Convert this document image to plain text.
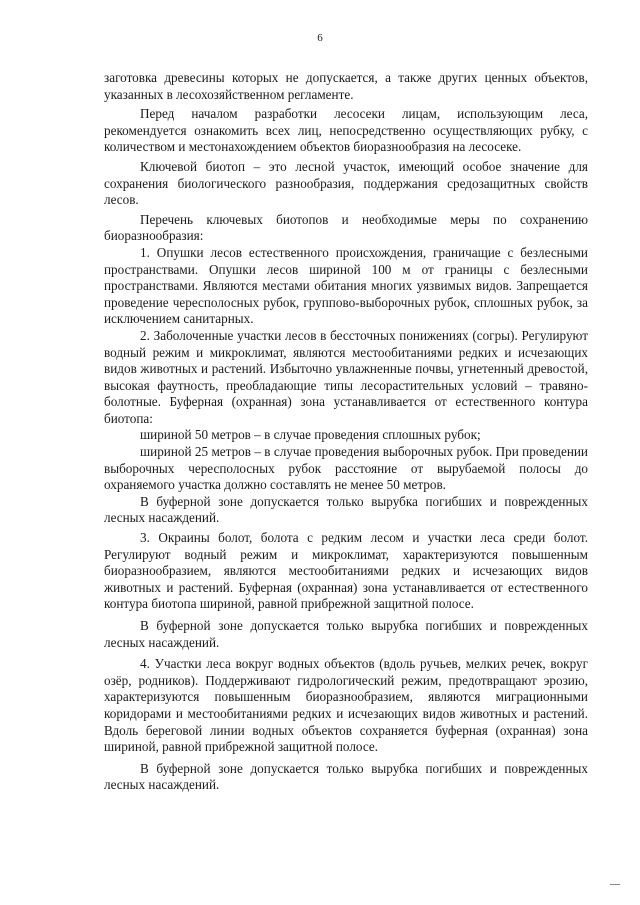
6

заготовка древесины которых не допускается, а также других ценных объектов, указанных в лесохозяйственном регламенте.

Перед началом разработки лесосеки лицам, использующим леса, рекомендуется ознакомить всех лиц, непосредственно осуществляющих рубку, с количеством и местонахождением объектов биоразнообразия на лесосеке.

Ключевой биотоп – это лесной участок, имеющий особое значение для сохранения биологического разнообразия, поддержания средозащитных свойств лесов.

Перечень ключевых биотопов и необходимые меры по сохранению биоразнообразия:

1. Опушки лесов естественного происхождения, граничащие с безлесными пространствами. Опушки лесов шириной 100 м от границы с безлесными пространствами. Являются местами обитания многих уязвимых видов. Запрещается проведение чересполосных рубок, группово-выборочных рубок, сплошных рубок, за исключением санитарных.

2. Заболоченные участки лесов в бессточных понижениях (согры). Регулируют водный режим и микроклимат, являются местообитаниями редких и исчезающих видов животных и растений. Избыточно увлажненные почвы, угнетенный древостой, высокая фаутность, преобладающие типы лесорастительных условий – травяно-болотные. Буферная (охранная) зона устанавливается от естественного контура биотопа:

шириной 50 метров – в случае проведения сплошных рубок;

шириной 25 метров – в случае проведения выборочных рубок. При проведении выборочных чересполосных рубок расстояние от вырубаемой полосы до охраняемого участка должно составлять не менее 50 метров.

В буферной зоне допускается только вырубка погибших и поврежденных лесных насаждений.

3. Окраины болот, болота с редким лесом и участки леса среди болот. Регулируют водный режим и микроклимат, характеризуются повышенным биоразнообразием, являются местообитаниями редких и исчезающих видов животных и растений. Буферная (охранная) зона устанавливается от естественного контура биотопа шириной, равной прибрежной защитной полосе.

В буферной зоне допускается только вырубка погибших и поврежденных лесных насаждений.

4. Участки леса вокруг водных объектов (вдоль ручьев, мелких речек, вокруг озёр, родников). Поддерживают гидрологический режим, предотвращают эрозию, характеризуются повышенным биоразнообразием, являются миграционными коридорами и местообитаниями редких и исчезающих видов животных и растений. Вдоль береговой линии водных объектов сохраняется буферная (охранная) зона шириной, равной прибрежной защитной полосе.

В буферной зоне допускается только вырубка погибших и поврежденных лесных насаждений.
